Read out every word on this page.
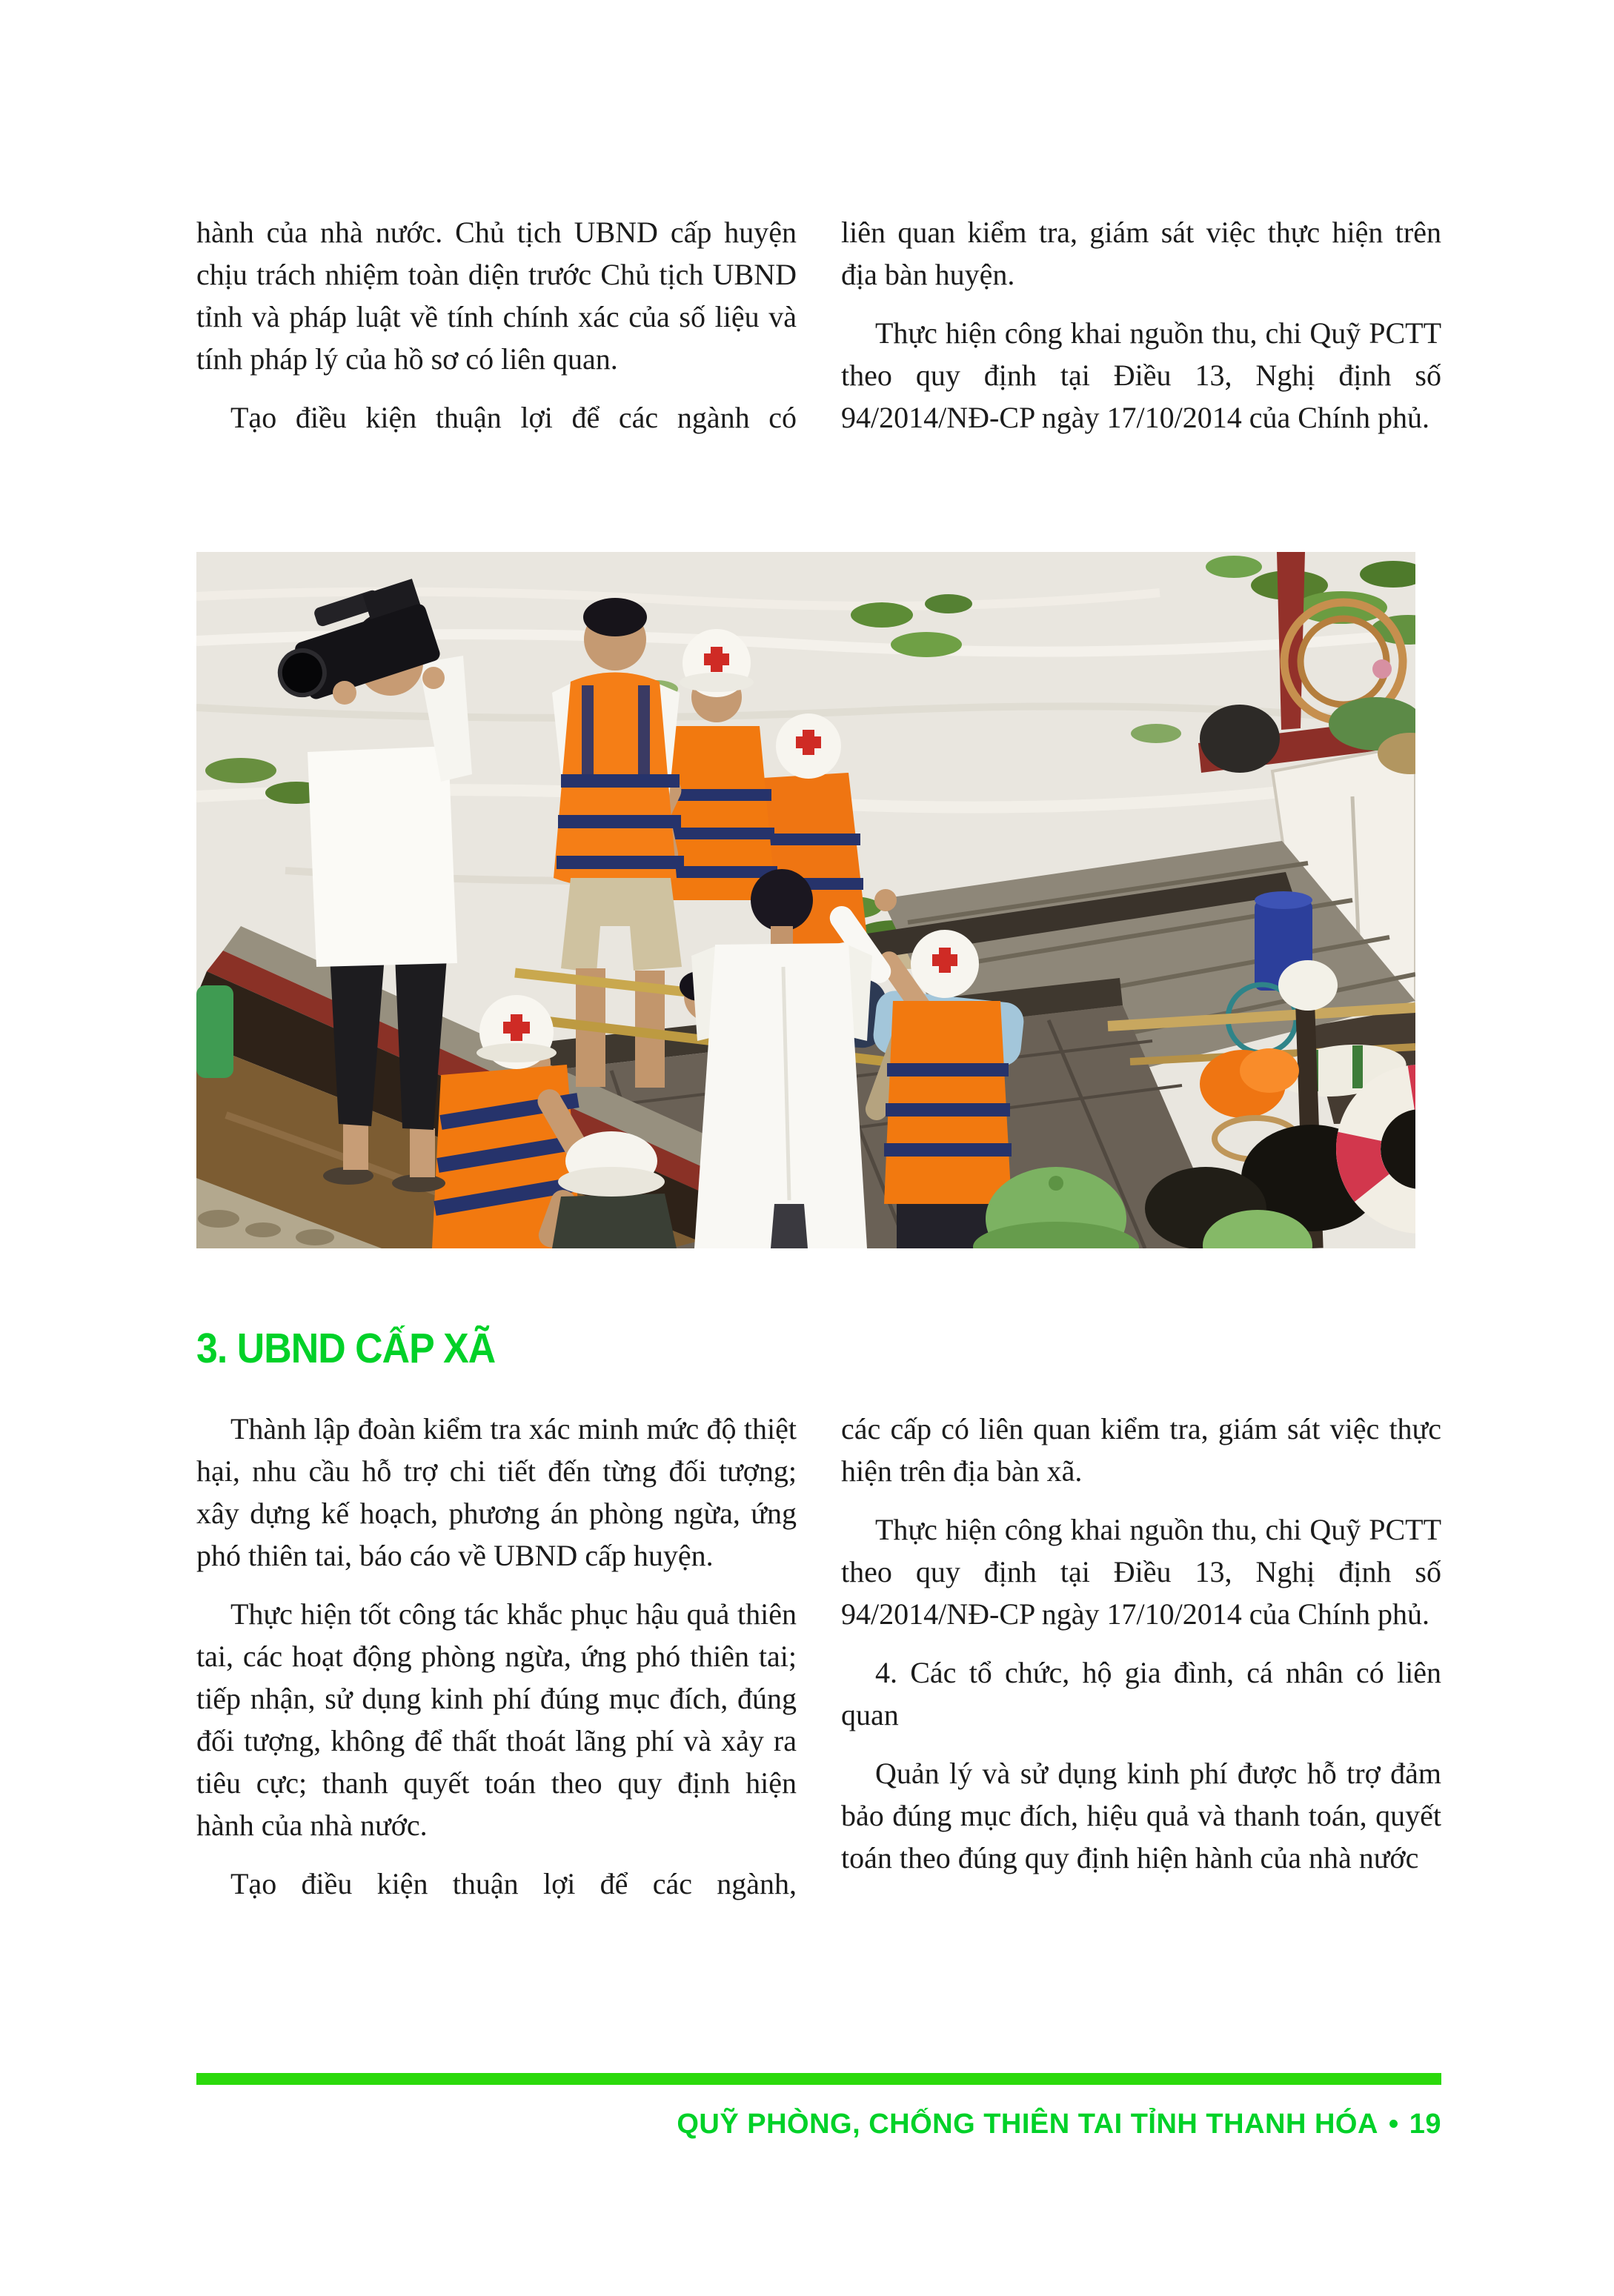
hành của nhà nước. Chủ tịch UBND cấp huyện chịu trách nhiệm toàn diện trước Chủ tịch UBND tỉnh và pháp luật về tính chính xác của số liệu và tính pháp lý của hồ sơ có liên quan.

Tạo điều kiện thuận lợi để các ngành có

liên quan kiểm tra, giám sát việc thực hiện trên địa bàn huyện.

Thực hiện công khai nguồn thu, chi Quỹ PCTT theo quy định tại Điều 13, Nghị định số 94/2014/NĐ-CP ngày 17/10/2014 của Chính phủ.

3. UBND CẤP XÃ

Thành lập đoàn kiểm tra xác minh mức độ thiệt hại, nhu cầu hỗ trợ chi tiết đến từng đối tượng; xây dựng kế hoạch, phương án phòng ngừa, ứng phó thiên tai, báo cáo về UBND cấp huyện.

Thực hiện tốt công tác khắc phục hậu quả thiên tai, các hoạt động phòng ngừa, ứng phó thiên tai; tiếp nhận, sử dụng kinh phí đúng mục đích, đúng đối tượng, không để thất thoát lãng phí và xảy ra tiêu cực; thanh quyết toán theo quy định hiện hành của nhà nước.

Tạo điều kiện thuận lợi để các ngành,

các cấp có liên quan kiểm tra, giám sát việc thực hiện trên địa bàn xã.

Thực hiện công khai nguồn thu, chi Quỹ PCTT theo quy định tại Điều 13, Nghị định số 94/2014/NĐ-CP ngày 17/10/2014 của Chính phủ.

4. Các tổ chức, hộ gia đình, cá nhân có liên quan

Quản lý và sử dụng kinh phí được hỗ trợ đảm bảo đúng mục đích, hiệu quả và thanh toán, quyết toán theo đúng quy định hiện hành của nhà nước

QUỸ PHÒNG, CHỐNG THIÊN TAI TỈNH THANH HÓA • 19
